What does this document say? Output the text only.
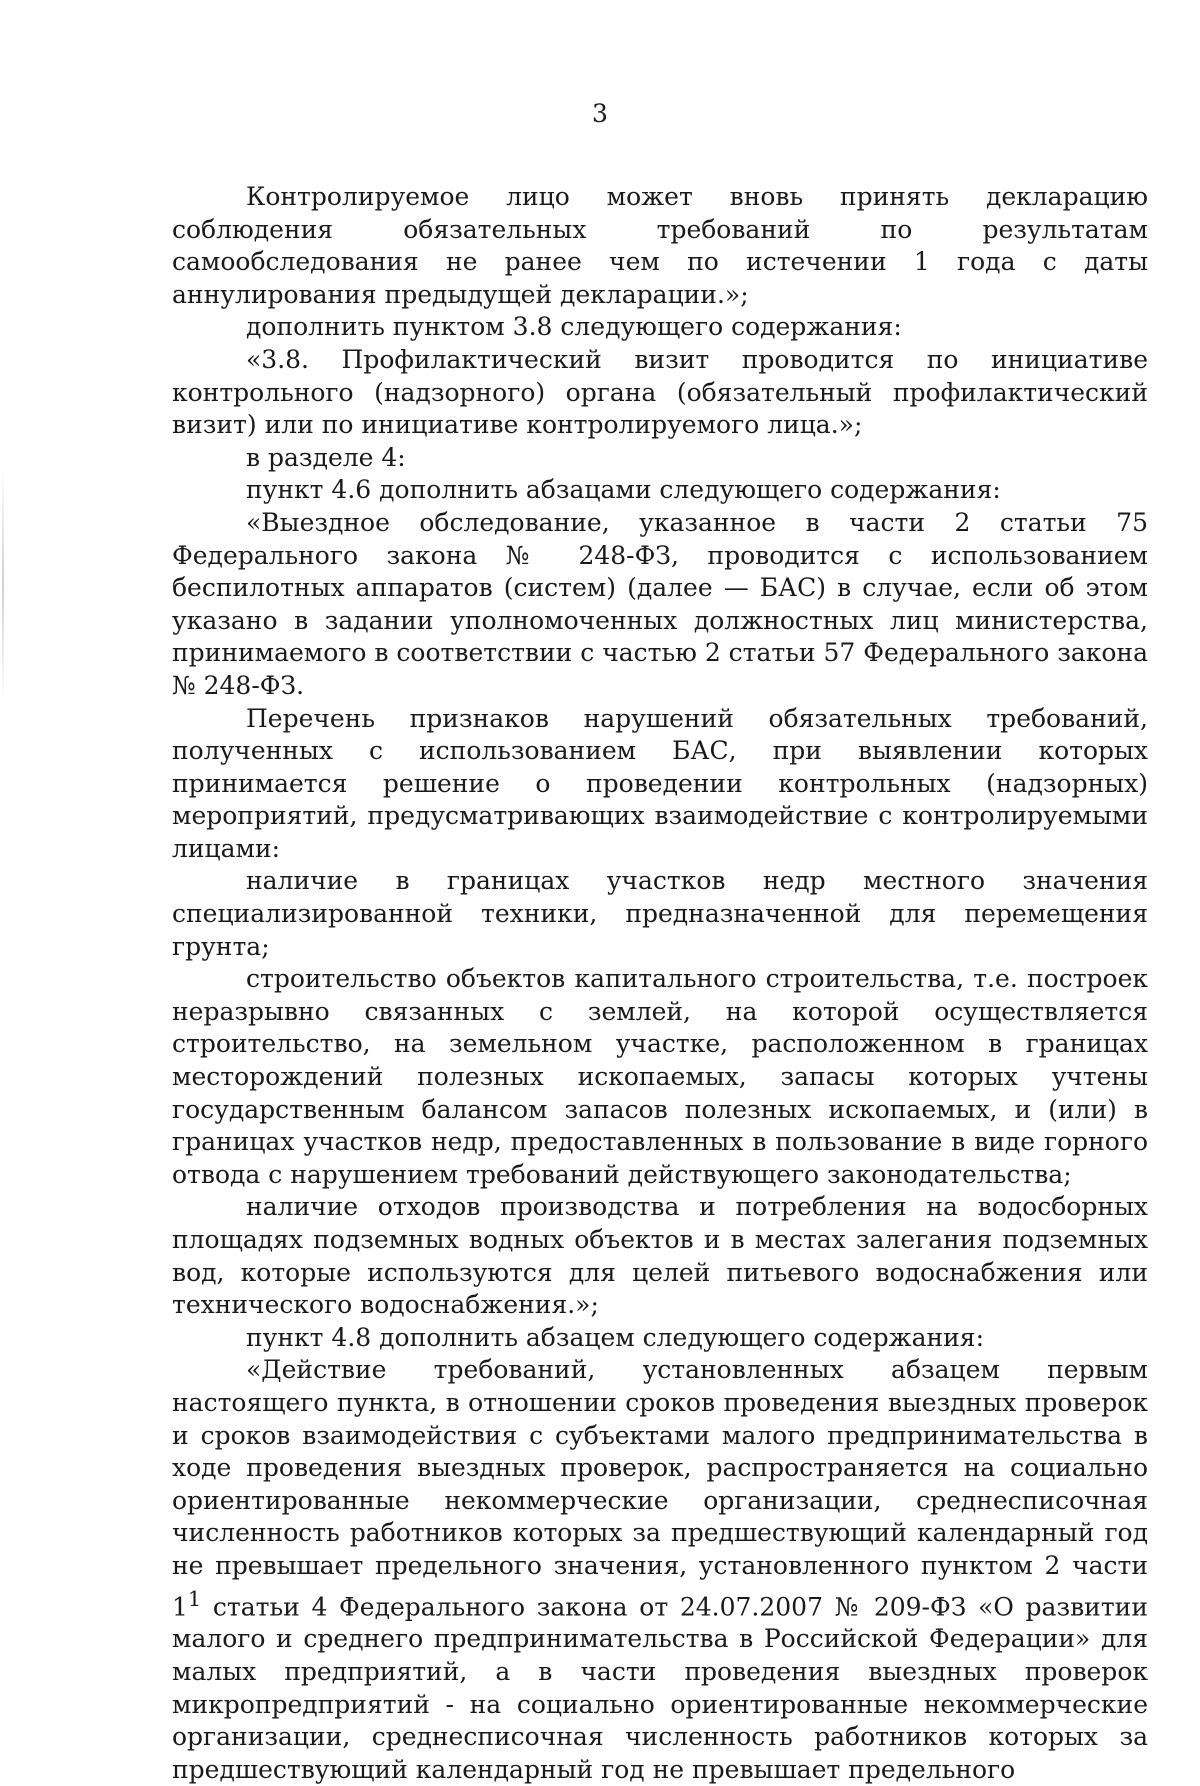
3

Контролируемое лицо может вновь принять декларацию соблюдения обязательных требований по результатам самообследования не ранее чем по истечении 1 года с даты аннулирования предыдущей декларации.»;

дополнить пунктом 3.8 следующего содержания:

«3.8. Профилактический визит проводится по инициативе контрольного (надзорного) органа (обязательный профилактический визит) или по инициативе контролируемого лица.»;

в разделе 4:

пункт 4.6 дополнить абзацами следующего содержания:

«Выездное обследование, указанное в части 2 статьи 75 Федерального закона № 248-ФЗ, проводится с использованием беспилотных аппаратов (систем) (далее — БАС) в случае, если об этом указано в задании уполномоченных должностных лиц министерства, принимаемого в соответствии с частью 2 статьи 57 Федерального закона № 248-ФЗ.

Перечень признаков нарушений обязательных требований, полученных с использованием БАС, при выявлении которых принимается решение о проведении контрольных (надзорных) мероприятий, предусматривающих взаимодействие с контролируемыми лицами:

наличие в границах участков недр местного значения специализированной техники, предназначенной для перемещения грунта;

строительство объектов капитального строительства, т.е. построек неразрывно связанных с землей, на которой осуществляется строительство, на земельном участке, расположенном в границах месторождений полезных ископаемых, запасы которых учтены государственным балансом запасов полезных ископаемых, и (или) в границах участков недр, предоставленных в пользование в виде горного отвода с нарушением требований действующего законодательства;

наличие отходов производства и потребления на водосборных площадях подземных водных объектов и в местах залегания подземных вод, которые используются для целей питьевого водоснабжения или технического водоснабжения.»;

пункт 4.8 дополнить абзацем следующего содержания:

«Действие требований, установленных абзацем первым настоящего пункта, в отношении сроков проведения выездных проверок и сроков взаимодействия с субъектами малого предпринимательства в ходе проведения выездных проверок, распространяется на социально ориентированные некоммерческие организации, среднесписочная численность работников которых за предшествующий календарный год не превышает предельного значения, установленного пунктом 2 части $1^1$ статьи 4 Федерального закона от 24.07.2007 № 209-ФЗ «О развитии малого и среднего предпринимательства в Российской Федерации» для малых предприятий, а в части проведения выездных проверок микропредприятий - на социально ориентированные некоммерческие организации, среднесписочная численность работников которых за предшествующий календарный год не превышает предельного
